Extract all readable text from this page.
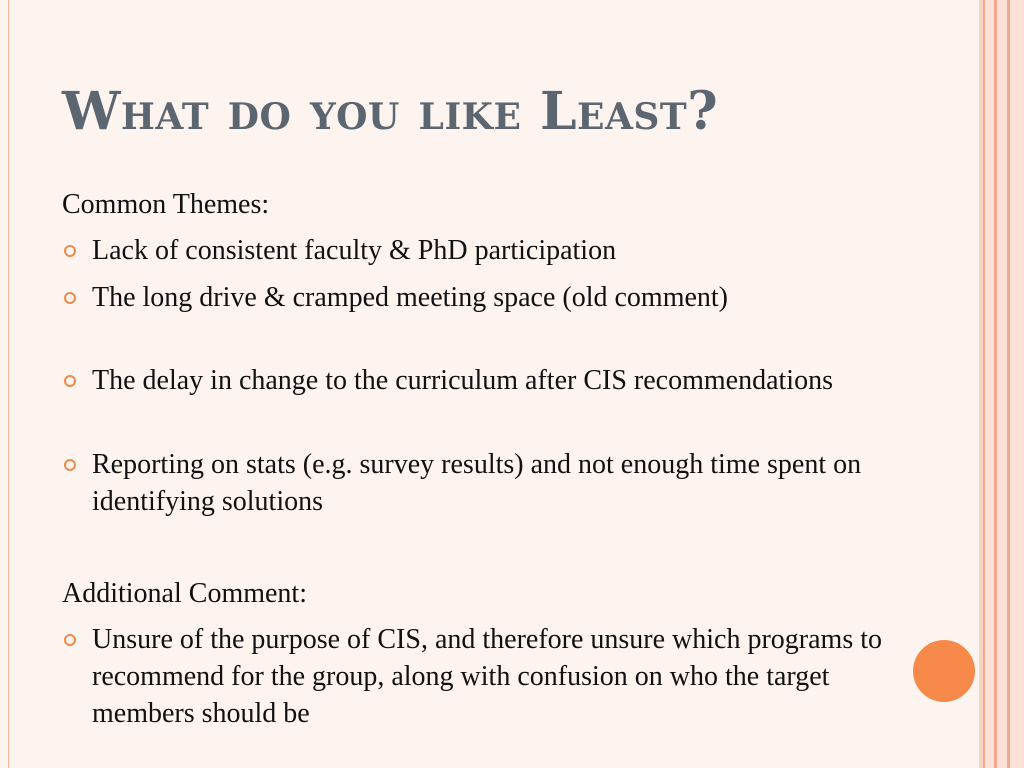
What do you like Least?
Common Themes:
Lack of consistent faculty & PhD participation
The long drive & cramped meeting space (old comment)
The delay in change to the curriculum after CIS recommendations
Reporting on stats (e.g. survey results) and not enough time spent on identifying solutions
Additional Comment:
Unsure of the purpose of CIS, and therefore unsure which programs to recommend for the group, along with confusion on who the target members should be
